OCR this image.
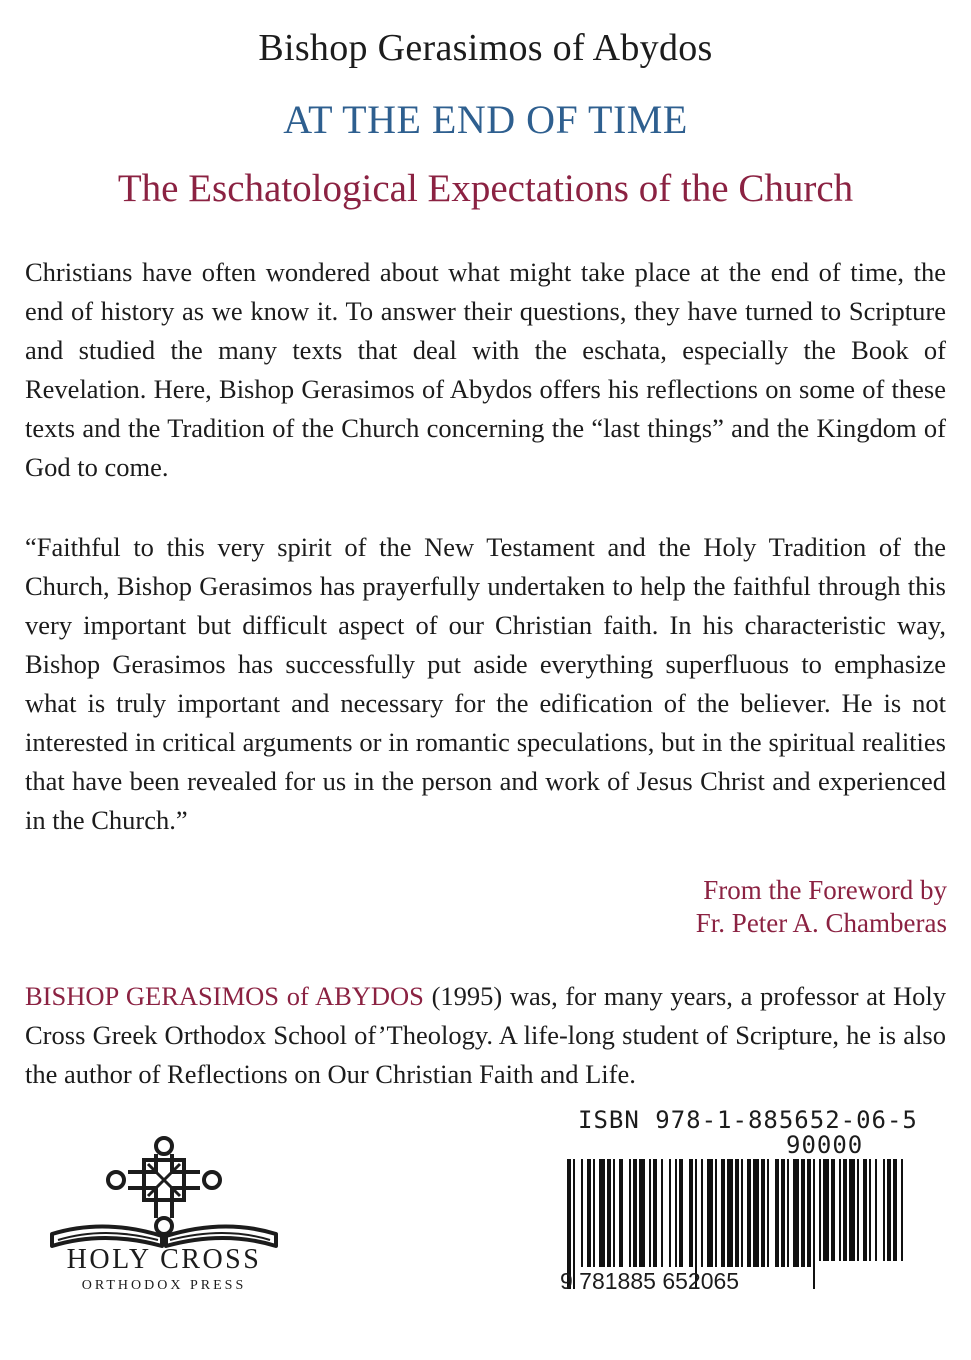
Bishop Gerasimos of Abydos
AT THE END OF TIME
The Eschatological Expectations of the Church

Christians have often wondered about what might take place at the end of time, the end of history as we know it. To answer their questions, they have turned to Scripture and studied the many texts that deal with the eschata, especially the Book of Revelation. Here, Bishop Gerasimos of Abydos offers his reflections on some of these texts and the Tradition of the Church concerning the “last things” and the Kingdom of God to come.

“Faithful to this very spirit of the New Testament and the Holy Tradition of the Church, Bishop Gerasimos has prayerfully undertaken to help the faithful through this very important but difficult aspect of our Christian faith. In his characteristic way, Bishop Gerasimos has successfully put aside everything superfluous to emphasize what is truly important and necessary for the edification of the believer. He is not interested in critical arguments or in romantic speculations, but in the spiritual realities that have been revealed for us in the person and work of Jesus Christ and experienced in the Church.”

From the Foreword by
Fr. Peter A. Chamberas

BISHOP GERASIMOS of ABYDOS (1995) was, for many years, a professor at Holy Cross Greek Orthodox School of’Theology. A life-long student of Scripture, he is also the author of Reflections on Our Christian Faith and Life.

HOLY CROSS
ORTHODOX PRESS
ISBN 978-1-885652-06-5
90000
9 781885 652065
